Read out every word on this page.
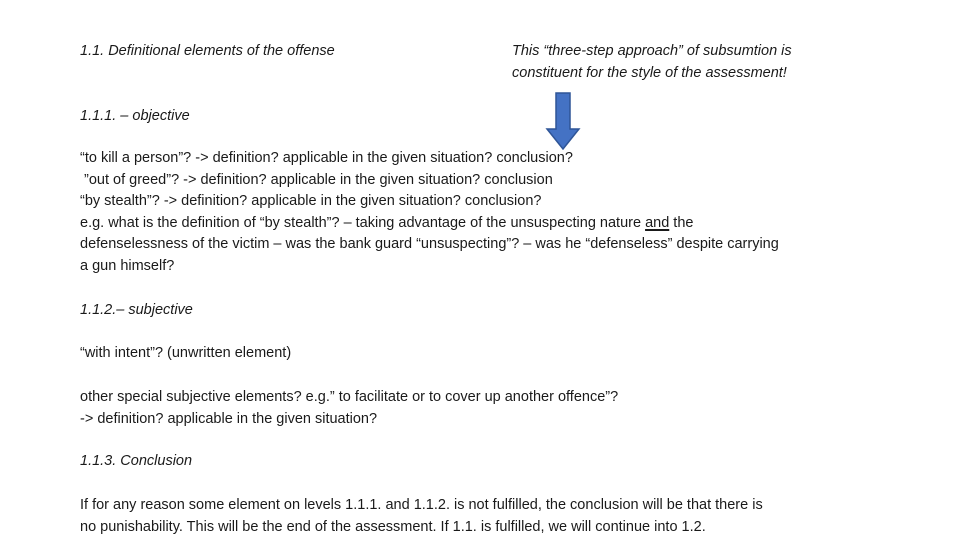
1.1. Definitional elements of the offense	This “three-step approach” of subsumtion is
constituent for the style of the assessment!
1.1.1. – objective
“to kill a person”? -> definition? applicable in the given situation? conclusion?
”out of greed”? -> definition? applicable in the given situation? conclusion
“by stealth”? -> definition? applicable in the given situation? conclusion?
e.g. what is the definition of “by stealth”? – taking advantage of the unsuspecting nature and the
defenselessness of the victim – was the bank guard “unsuspecting”? – was he “defenseless” despite carrying
a gun himself?
1.1.2.– subjective
“with intent”? (unwritten element)
other special subjective elements? e.g.” to facilitate or to cover up another offence”?
-> definition? applicable in the given situation?
1.1.3. Conclusion
If for any reason some element on levels 1.1.1. and 1.1.2. is not fulfilled, the conclusion will be that there is
no punishability. This will be the end of the assessment. If 1.1. is fulfilled, we will continue into 1.2.
